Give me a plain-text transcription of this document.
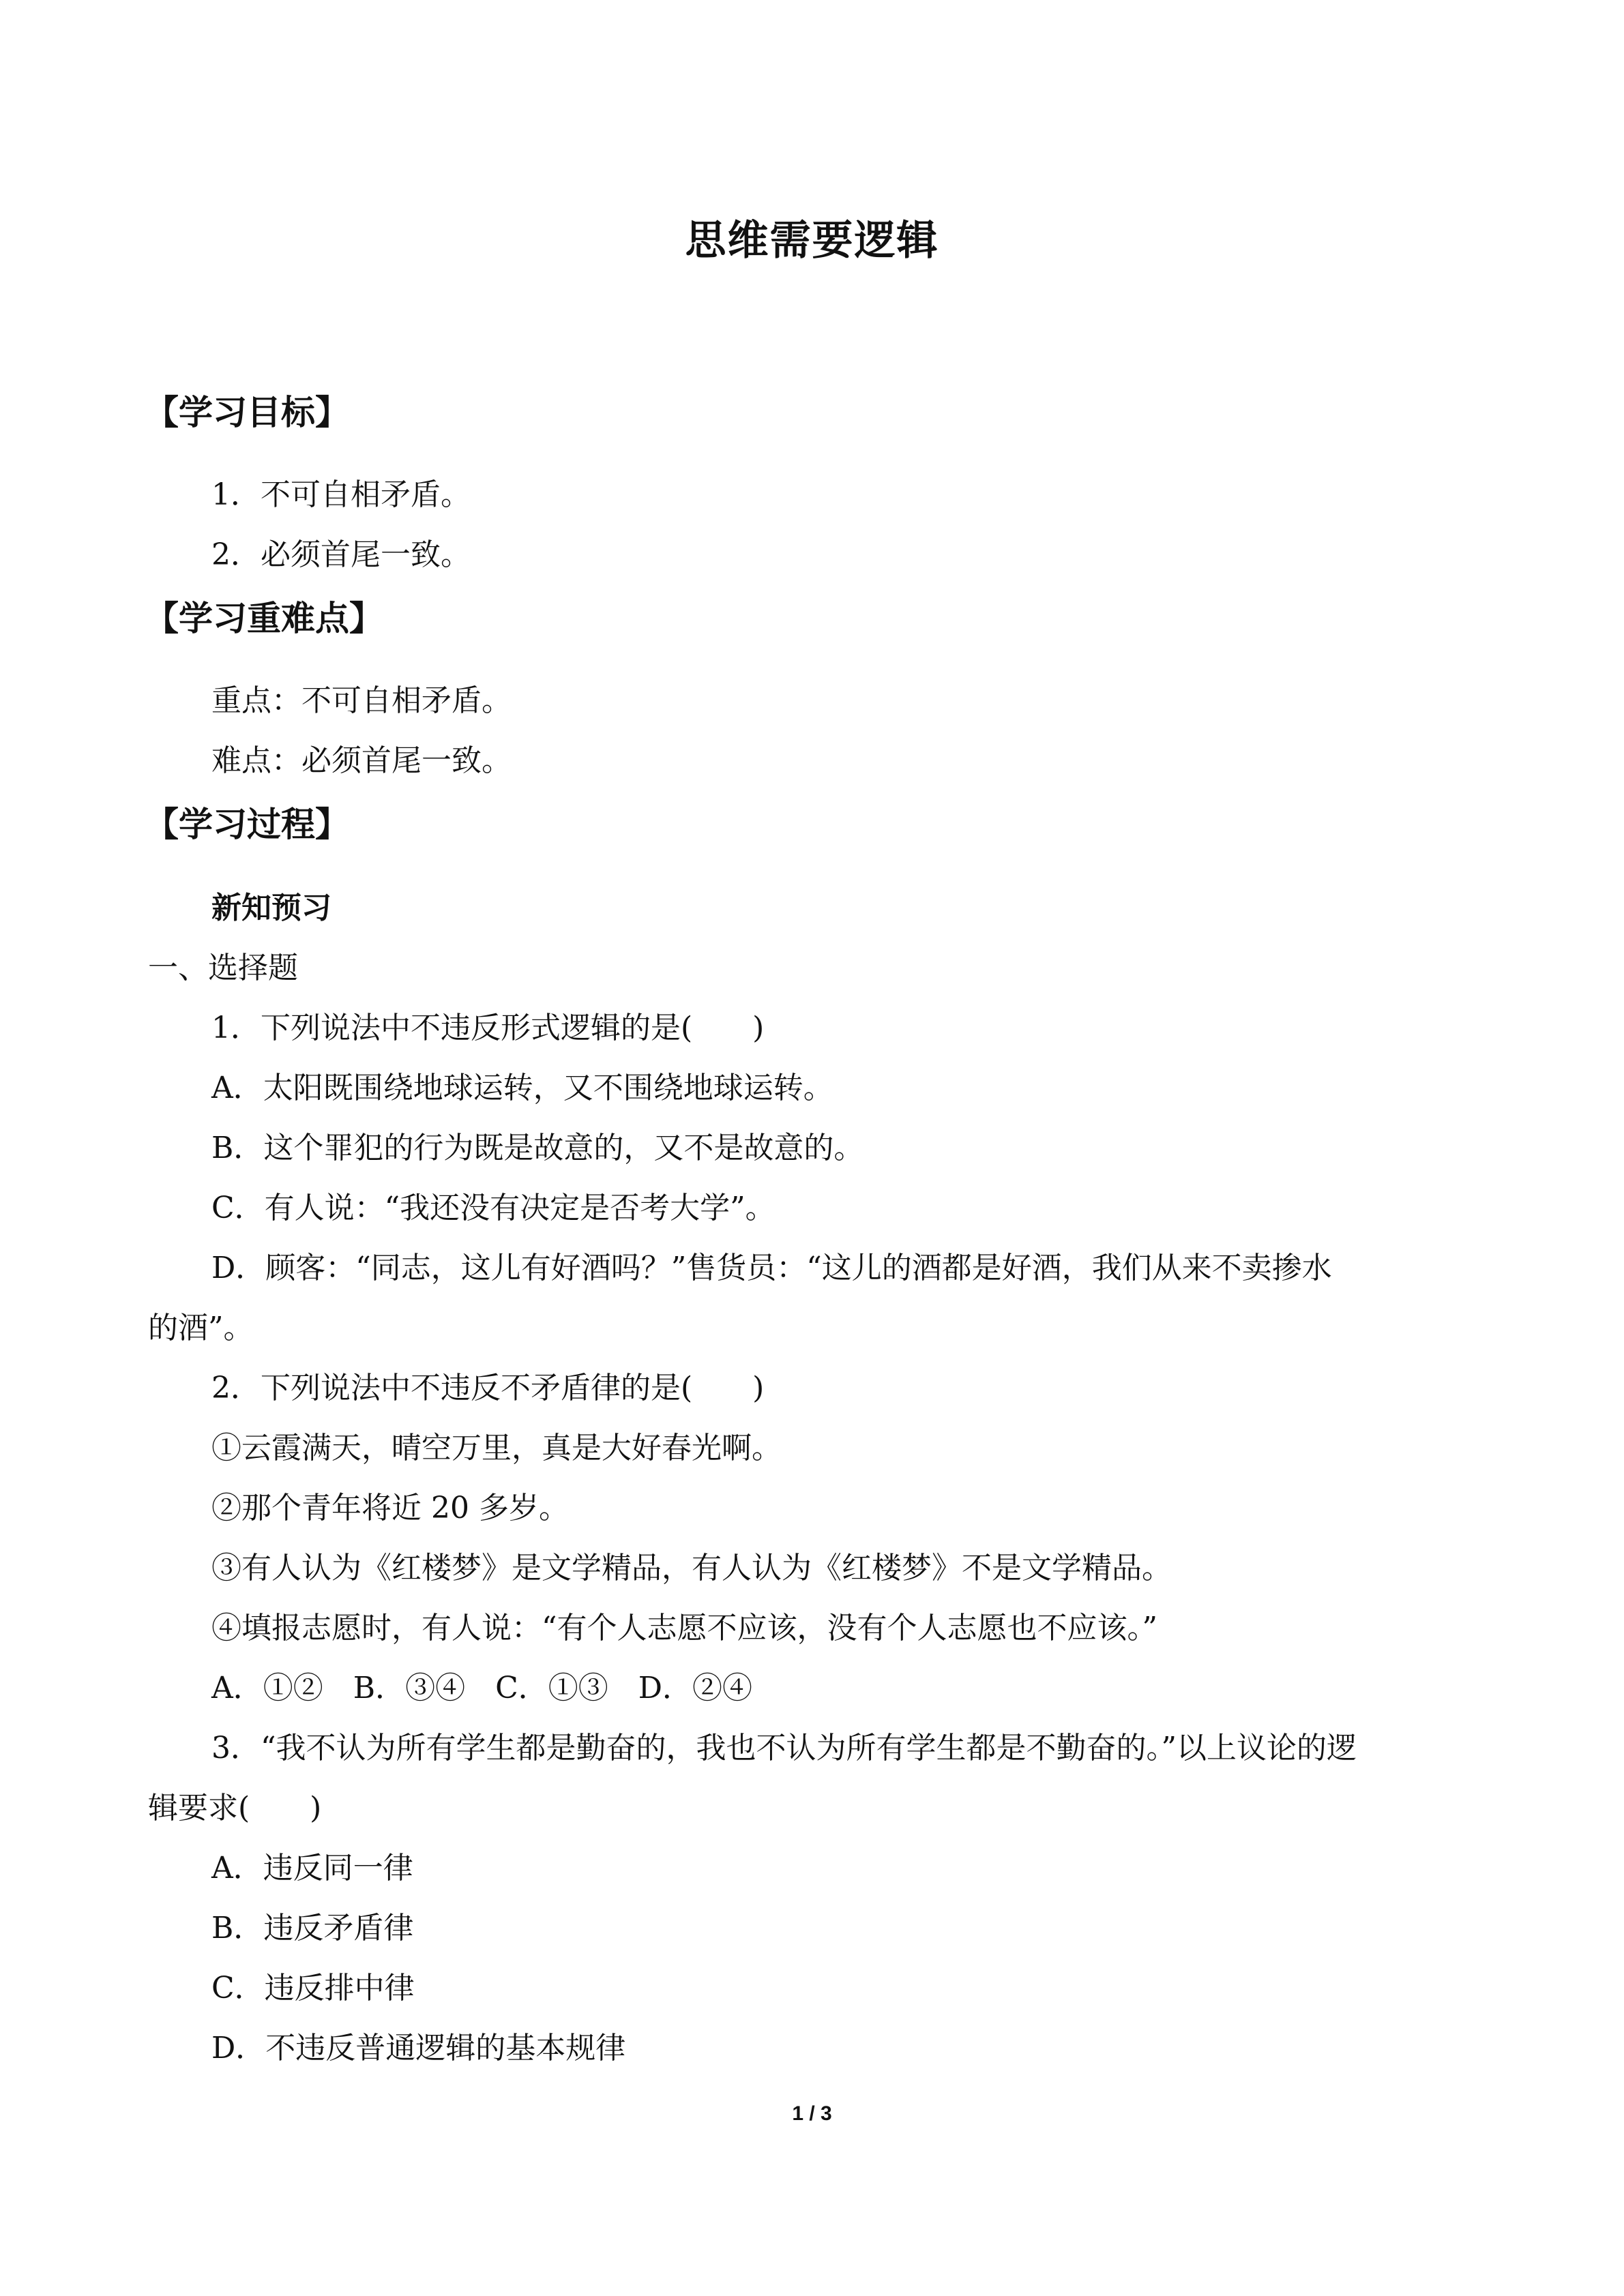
思维需要逻辑
【学习目标】
1．不可自相矛盾。
2．必须首尾一致。
【学习重难点】
重点：不可自相矛盾。
难点：必须首尾一致。
【学习过程】
新知预习
一、选择题
1．下列说法中不违反形式逻辑的是(　　)
A．太阳既围绕地球运转，又不围绕地球运转。
B．这个罪犯的行为既是故意的，又不是故意的。
C．有人说：“我还没有决定是否考大学”。
D．顾客：“同志，这儿有好酒吗？”售货员：“这儿的酒都是好酒，我们从来不卖掺水
的酒”。
2．下列说法中不违反不矛盾律的是(　　)
①云霞满天，晴空万里，真是大好春光啊。
②那个青年将近 20 多岁。
③有人认为《红楼梦》是文学精品，有人认为《红楼梦》不是文学精品。
④填报志愿时，有人说：“有个人志愿不应该，没有个人志愿也不应该。”
A．①②　B．③④　C．①③　D．②④
3．“我不认为所有学生都是勤奋的，我也不认为所有学生都是不勤奋的。”以上议论的逻
辑要求(　　)
A．违反同一律
B．违反矛盾律
C．违反排中律
D．不违反普通逻辑的基本规律
1 / 3
